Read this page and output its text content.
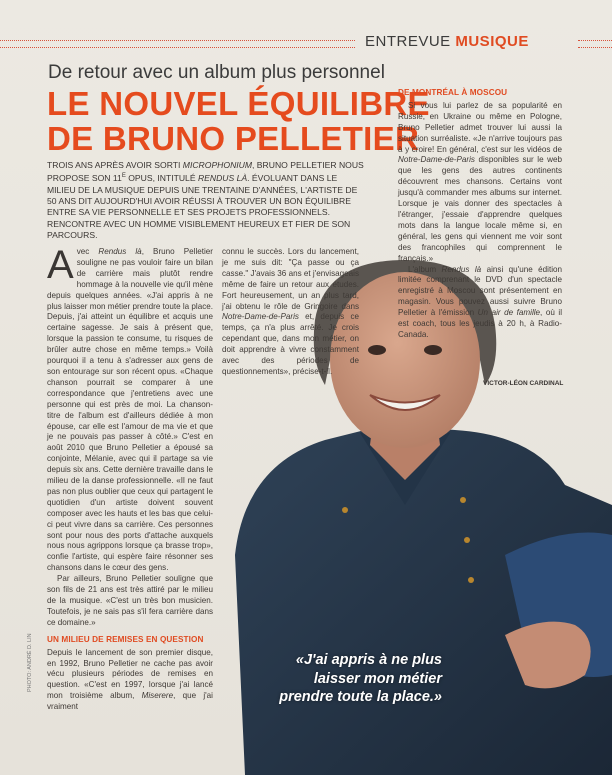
ENTREVUE MUSIQUE
De retour avec un album plus personnel
LE NOUVEL ÉQUILIBRE
DE BRUNO PELLETIER
TROIS ANS APRÈS AVOIR SORTI MICROPHONIUM, BRUNO PELLETIER NOUS PROPOSE SON $11^E$ OPUS, INTITULÉ RENDUS LÀ. ÉVOLUANT DANS LE MILIEU DE LA MUSIQUE DEPUIS UNE TRENTAINE D'ANNÉES, L'ARTISTE DE 50 ANS DIT AUJOURD'HUI AVOIR RÉUSSI À TROUVER UN BON ÉQUILIBRE ENTRE SA VIE PERSONNELLE ET SES PROJETS PROFESSIONNELS. RENCONTRE AVEC UN HOMME VISIBLEMENT HEUREUX ET FIER DE SON PARCOURS.

Avec Rendus là, Bruno Pelletier souligne ne pas vouloir faire un bilan de carrière mais plutôt rendre hommage à la nouvelle vie qu'il mène depuis quelques années. «J'ai appris à ne plus laisser mon métier prendre toute la place. Depuis, j'ai atteint un équilibre et acquis une certaine sagesse. Je sais à présent que, lorsque la passion te consume, tu risques de brûler autre chose en même temps.» Voilà pourquoi il a tenu à s'adresser aux gens de son entourage sur son récent opus. «Chaque chanson pourrait se comparer à une correspondance que j'entretiens avec une personne qui est près de moi. La chanson-titre de l'album est d'ailleurs dédiée à mon épouse, car elle est l'amour de ma vie et que je ne pouvais pas passer à côté.» C'est en août 2010 que Bruno Pelletier a épousé sa conjointe, Mélanie, avec qui il partage sa vie depuis six ans. Cette dernière travaille dans le milieu de la danse professionnelle. «Il ne faut pas non plus oublier que ceux qui partagent le quotidien d'un artiste doivent souvent composer avec les hauts et les bas que celui-ci peut vivre dans sa carrière. Ces personnes sont pour nous des ports d'attache auxquels nous nous agrippons lorsque ça brasse trop», confie l'artiste, qui espère faire résonner ses chansons dans le cœur des gens.

Par ailleurs, Bruno Pelletier souligne que son fils de 21 ans est très attiré par le milieu de la musique. «C'est un très bon musicien. Toutefois, je ne sais pas s'il fera carrière dans ce domaine.»

UN MILIEU DE REMISES EN QUESTION

Depuis le lancement de son premier disque, en 1992, Bruno Pelletier ne cache pas avoir vécu plusieurs périodes de remises en question. «C'est en 1997, lorsque j'ai lancé mon troisième album, Miserere, que j'ai vraiment

connu le succès. Lors du lancement, je me suis dit: "Ça passe ou ça casse." J'avais 36 ans et j'envisageais même de faire un retour aux études. Fort heureusement, un an plus tard, j'ai obtenu le rôle de Gringoire dans Notre-Dame-de-Paris et, depuis ce temps, ça n'a plus arrêté. Je crois cependant que, dans mon métier, on doit apprendre à vivre constamment avec des périodes de questionnements», précise-t-il.

DE MONTRÉAL À MOSCOU

Si vous lui parlez de sa popularité en Russie, en Ukraine ou même en Pologne, Bruno Pelletier admet trouver lui aussi la situation surréaliste. «Je n'arrive toujours pas à y croire! En général, c'est sur les vidéos de Notre-Dame-de-Paris disponibles sur le web que les gens des autres continents découvrent mes chansons. Certains vont jusqu'à commander mes albums sur internet. Lorsque je vais donner des spectacles à l'étranger, j'essaie d'apprendre quelques mots dans la langue locale même si, en général, les gens qui viennent me voir sont des francophiles qui comprennent le français.»

L'album Rendus là ainsi qu'une édition limitée comprenant le DVD d'un spectacle enregistré à Moscou sont présentement en magasin. Vous pouvez aussi suivre Bruno Pelletier à l'émission Un air de famille, où il est coach, tous les jeudis à 20 h, à Radio-Canada.

VICTOR-LÉON CARDINAL
«J'ai appris à ne plus laisser mon métier prendre toute la place.»
PHOTO: ANDRÉ D. LIN
